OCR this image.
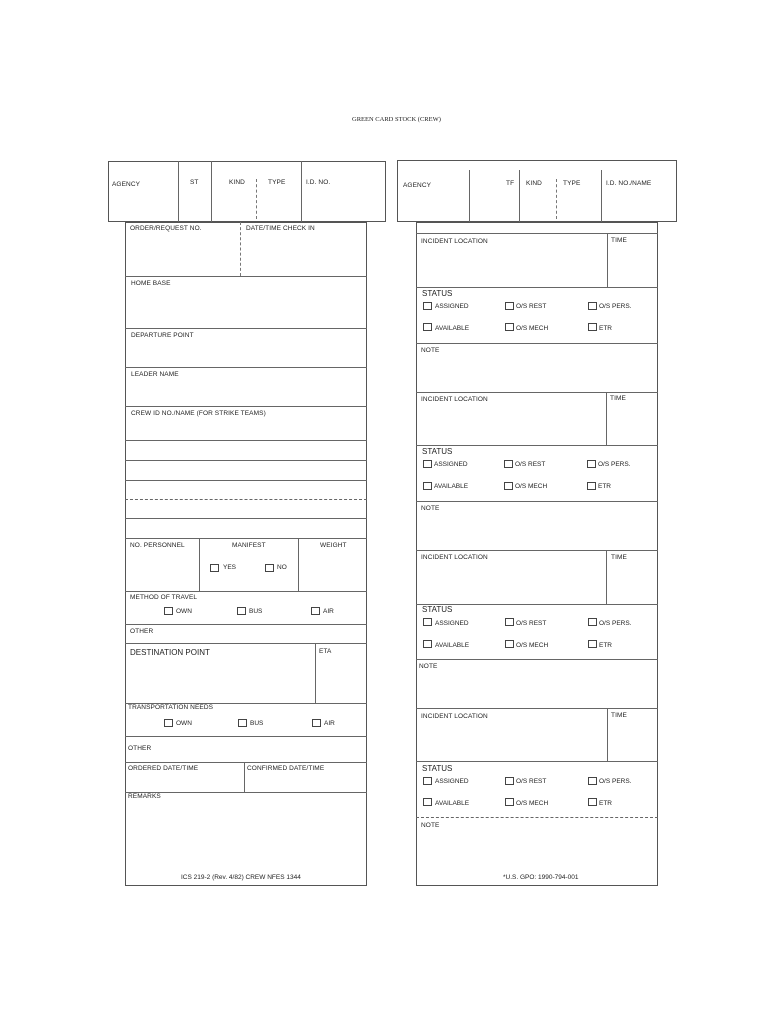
GREEN CARD STOCK (CREW)
AGENCY	ST	KIND	TYPE	I.D. NO.
ORDER/REQUEST NO.	DATE/TIME CHECK IN
HOME BASE
DEPARTURE POINT
LEADER NAME
CREW ID NO./NAME (FOR STRIKE TEAMS)
NO. PERSONNEL	MANIFEST	WEIGHT
YES	NO
METHOD OF TRAVEL
OWN	BUS	AIR
OTHER
DESTINATION POINT	ETA
TRANSPORTATION NEEDS
OWN	BUS	AIR
OTHER
ORDERED DATE/TIME	CONFIRMED DATE/TIME
REMARKS
ICS 219-2 (Rev. 4/82) CREW NFES 1344
AGENCY	TF KIND	TYPE	I.D. NO./NAME
INCIDENT LOCATION	TIME
STATUS
ASSIGNED	O/S REST	O/S PERS.
AVAILABLE	O/S MECH	ETR
NOTE
INCIDENT LOCATION	TIME
STATUS
ASSIGNED	O/S REST	O/S PERS.
AVAILABLE	O/S MECH	ETR
NOTE
INCIDENT LOCATION	TIME
STATUS
ASSIGNED	O/S REST	O/S PERS.
AVAILABLE	O/S MECH	ETR
NOTE
INCIDENT LOCATION	TIME
STATUS
ASSIGNED	O/S REST	O/S PERS.
AVAILABLE	O/S MECH	ETR
NOTE
*U.S. GPO: 1990-794-001
